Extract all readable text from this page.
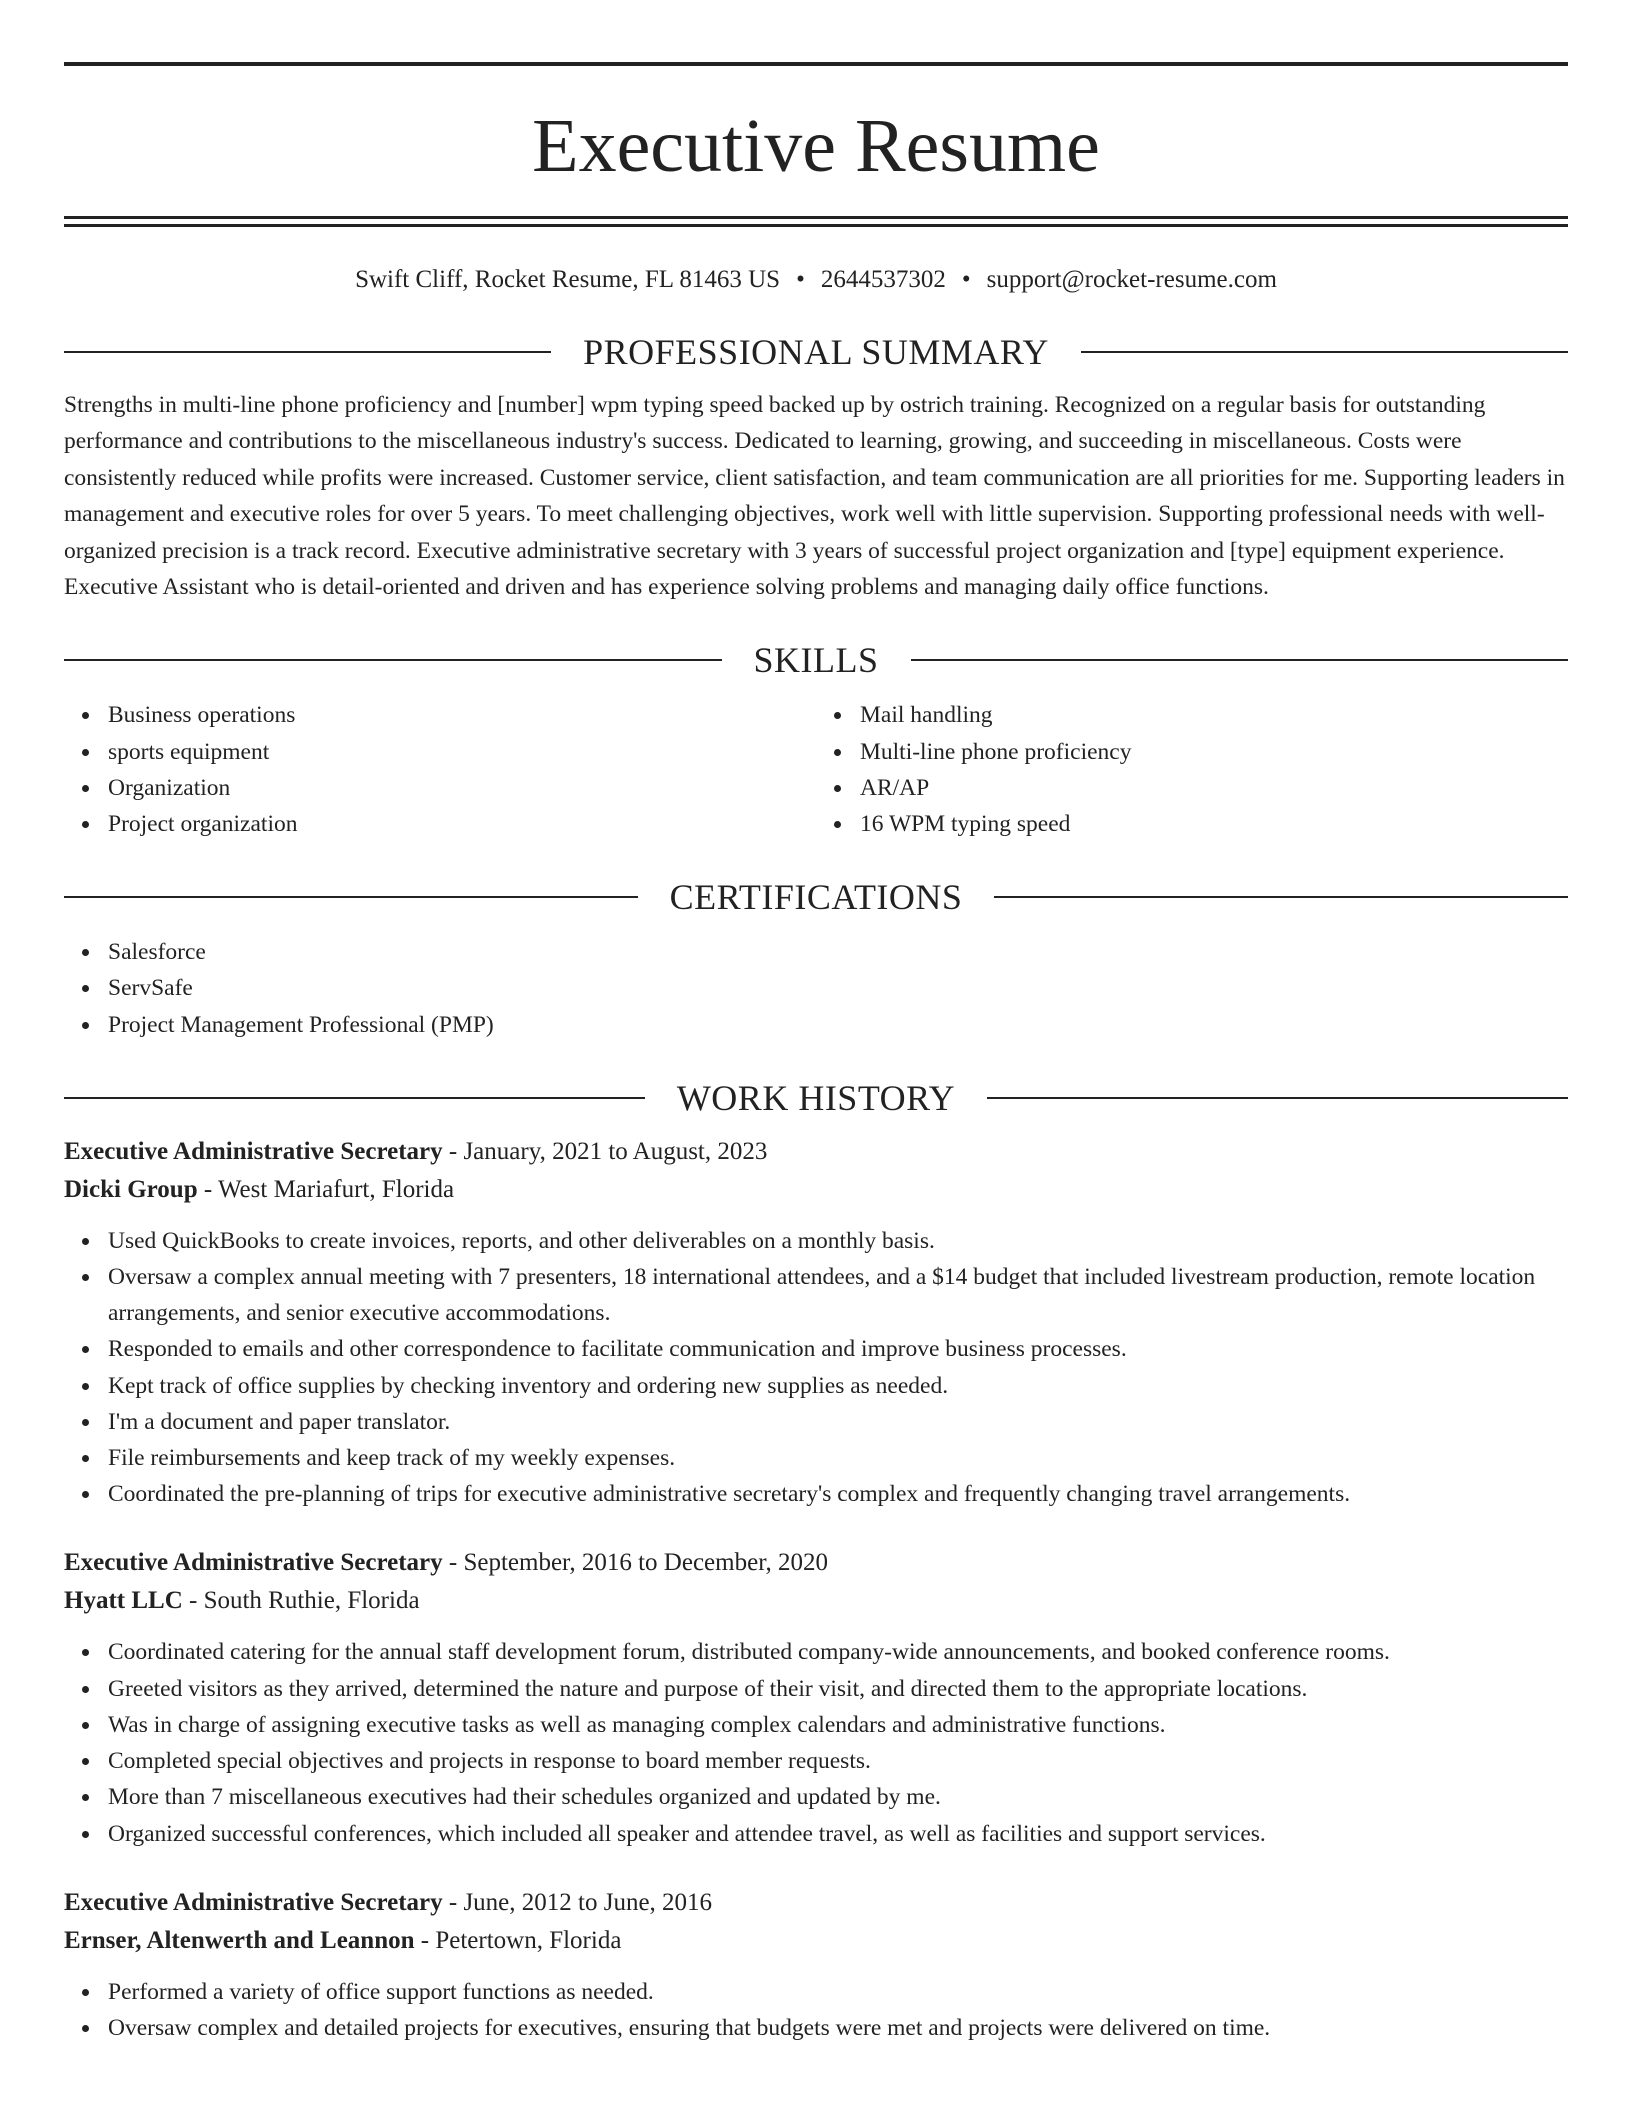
Executive Resume
Swift Cliff, Rocket Resume, FL 81463 US • 2644537302 • support@rocket-resume.com
PROFESSIONAL SUMMARY
Strengths in multi-line phone proficiency and [number] wpm typing speed backed up by ostrich training. Recognized on a regular basis for outstanding performance and contributions to the miscellaneous industry's success. Dedicated to learning, growing, and succeeding in miscellaneous. Costs were consistently reduced while profits were increased. Customer service, client satisfaction, and team communication are all priorities for me. Supporting leaders in management and executive roles for over 5 years. To meet challenging objectives, work well with little supervision. Supporting professional needs with well-organized precision is a track record. Executive administrative secretary with 3 years of successful project organization and [type] equipment experience. Executive Assistant who is detail-oriented and driven and has experience solving problems and managing daily office functions.
SKILLS
Business operations
sports equipment
Organization
Project organization
Mail handling
Multi-line phone proficiency
AR/AP
16 WPM typing speed
CERTIFICATIONS
Salesforce
ServSafe
Project Management Professional (PMP)
WORK HISTORY
Executive Administrative Secretary - January, 2021 to August, 2023
Dicki Group - West Mariafurt, Florida
Used QuickBooks to create invoices, reports, and other deliverables on a monthly basis.
Oversaw a complex annual meeting with 7 presenters, 18 international attendees, and a $14 budget that included livestream production, remote location arrangements, and senior executive accommodations.
Responded to emails and other correspondence to facilitate communication and improve business processes.
Kept track of office supplies by checking inventory and ordering new supplies as needed.
I'm a document and paper translator.
File reimbursements and keep track of my weekly expenses.
Coordinated the pre-planning of trips for executive administrative secretary's complex and frequently changing travel arrangements.
Executive Administrative Secretary - September, 2016 to December, 2020
Hyatt LLC - South Ruthie, Florida
Coordinated catering for the annual staff development forum, distributed company-wide announcements, and booked conference rooms.
Greeted visitors as they arrived, determined the nature and purpose of their visit, and directed them to the appropriate locations.
Was in charge of assigning executive tasks as well as managing complex calendars and administrative functions.
Completed special objectives and projects in response to board member requests.
More than 7 miscellaneous executives had their schedules organized and updated by me.
Organized successful conferences, which included all speaker and attendee travel, as well as facilities and support services.
Executive Administrative Secretary - June, 2012 to June, 2016
Ernser, Altenwerth and Leannon - Petertown, Florida
Performed a variety of office support functions as needed.
Oversaw complex and detailed projects for executives, ensuring that budgets were met and projects were delivered on time.
